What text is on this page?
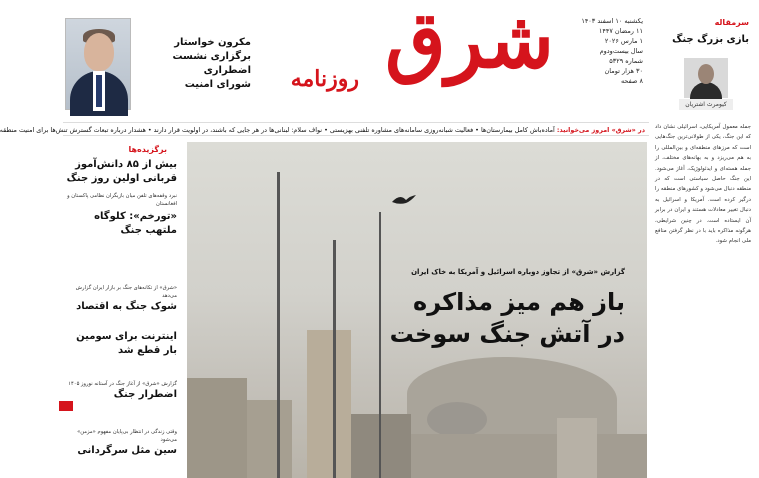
مکرون خواستار
برگزاری نشست اضطراری
شورای امنیت شرق
روزنامه
یکشنبه ۱۰ اسفند ۱۴۰۳
۱۱ رمضان ۱۴۴۷
۱ مارس ۲۰۲۶
سال بیست‌ودوم
شماره ۵۳۲۹
۳۰ هزار تومان
۸ صفحه
سرمقاله
بازی بزرگ جنگ
کیومرث اشتریان
جمله معمول آمریکایی، اسرائیلی نشان داد که این جنگ، یکی از طولانی‌ترین جنگ‌هایی است که مرزهای منطقه‌ای و بین‌المللی را به هم می‌ریزد و به بهانه‌های مختلف، از جمله هسته‌ای و ایدئولوژیک، آغاز می‌شود. این جنگ حاصل سیاستی است که در منطقه دنبال می‌شود و کشورهای منطقه را درگیر کرده است. آمریکا و اسرائیل به دنبال تغییر معادلات هستند و ایران در برابر آن ایستاده است. در چنین شرایطی، هرگونه مذاکره باید با در نظر گرفتن منافع ملی انجام شود.
در «شرق» امروز می‌خوانید: آماده‌باش کامل بیمارستان‌ها • فعالیت شبانه‌روزی سامانه‌های مشاوره تلفنی بهزیستی • نواف سلام: لبنانی‌ها در هر جایی که باشند، در اولویت قرار دارند • هشدار درباره تبعات گسترش تنش‌ها برای امنیت منطقه
برگزیده‌ها
بیش از ۸۵ دانش‌آموز قربانی اولین روز جنگ
نبرد وقفه‌های تلفن میان بازیگران نظامی پاکستان و افغانستان
«تورخم»: کلوگاه ملتهب جنگ
«شرق» از تکانه‌های جنگ بر بازار ایران گزارش می‌دهد
شوک جنگ به اقتصاد
اینترنت برای سومین بار قطع شد
گزارش «شرق» از آغاز جنگ در آستانه نوروز ۱۴۰۵
اضطرار جنگ
وقتی زندگی در انتظار بی‌پایان مفهوم «مزمن» می‌شود
سین مثل سرگردانی
گزارش «شرق» از تجاوز دوباره اسرائیل و آمریکا به خاک ایران
باز هم میز مذاکره
در آتش جنگ سوخت
